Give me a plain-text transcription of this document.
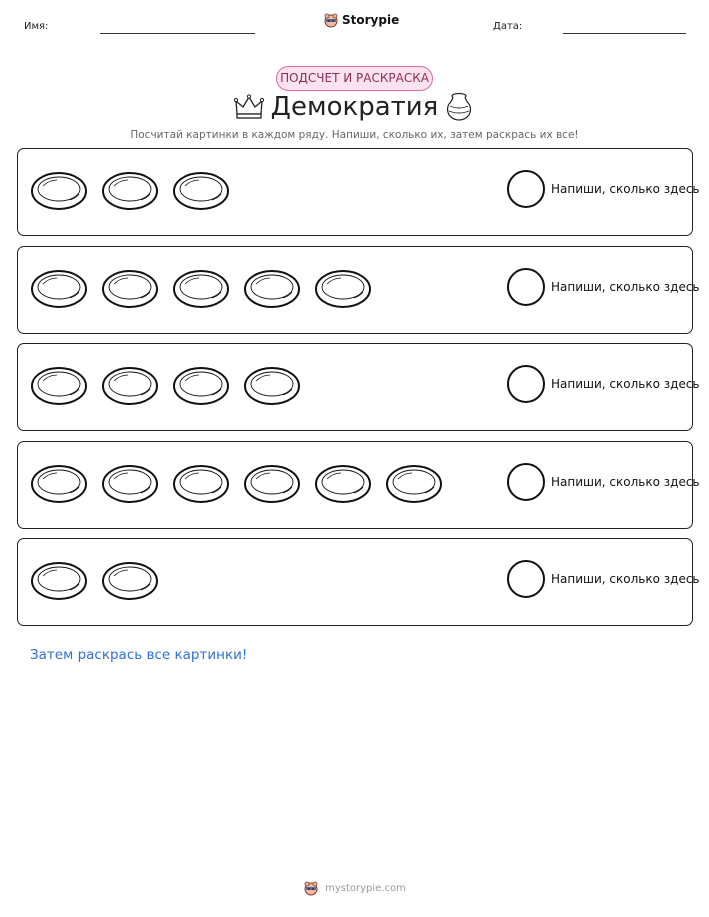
Имя:	Storypie	Дата:
ПОДСЧЕТ И РАСКРАСКА
Демократия
Посчитай картинки в каждом ряду. Напиши, сколько их, затем раскрась их все!
Напиши, сколько здесь
Напиши, сколько здесь
Напиши, сколько здесь
Напиши, сколько здесь
Напиши, сколько здесь
Затем раскрась все картинки!
mystorypie.com
